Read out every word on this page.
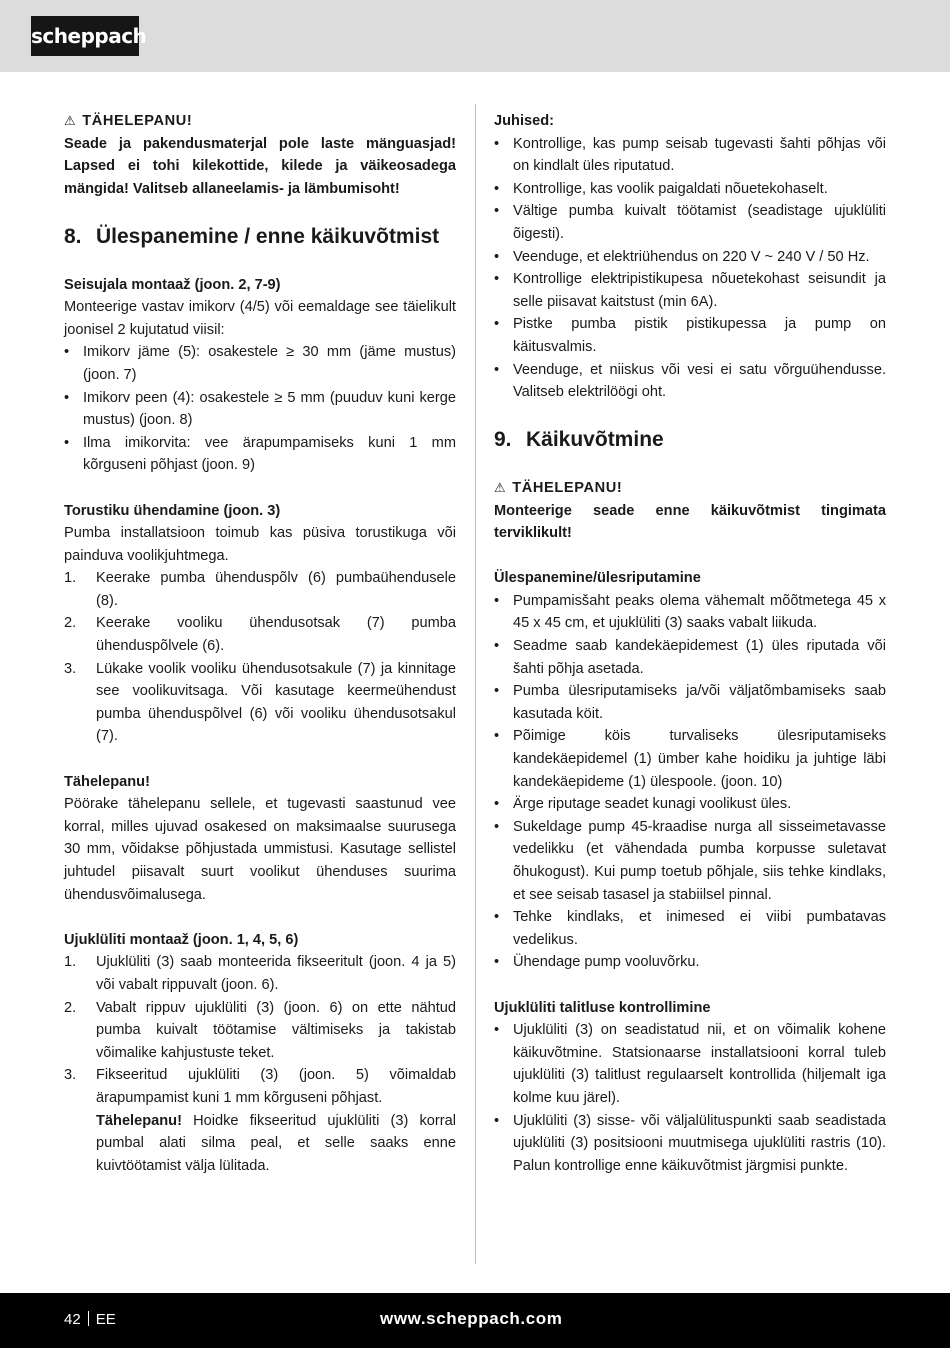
scheppach
⚠ TÄHELEPANU!

Seade ja pakendusmaterjal pole laste mänguasjad! Lapsed ei tohi kilekottide, kilede ja väikeosadega mängida! Valitseb allaneelamis- ja lämbumisoht!

8. Ülespanemine / enne käikuvõtmist
Seisujala montaaž (joon. 2, 7-9)

Monteerige vastav imikorv (4/5) või eemaldage see täielikult joonisel 2 kujutatud viisil:

• Imikorv jäme (5): osakestele ≥ 30 mm (jäme mustus) (joon. 7)
• Imikorv peen (4): osakestele ≥ 5 mm (puuduv kuni kerge mustus) (joon. 8)
• Ilma imikorvita: vee ärapumpamiseks kuni 1 mm kõrguseni põhjast (joon. 9)
Torustiku ühendamine (joon. 3)

Pumba installatsioon toimub kas püsiva torustikuga või painduva voolikjuhtmega.

1. Keerake pumba ühenduspõlv (6) pumbaühendusele (8).
2. Keerake vooliku ühendusotsak (7) pumba ühenduspõlvele (6).
3. Lükake voolik vooliku ühendusotsakule (7) ja kinnitage see voolikuvitsaga. Või kasutage keermeühendust pumba ühenduspõlvel (6) või vooliku ühendusotsakul (7).
Tähelepanu!

Pöörake tähelepanu sellele, et tugevasti saastunud vee korral, milles ujuvad osakesed on maksimaalse suurusega 30 mm, võidakse põhjustada ummistusi. Kasutage sellistel juhtudel piisavalt suurt voolikut ühenduses suurima ühendusvõimalusega.

Ujuklüliti montaaž (joon. 1, 4, 5, 6)
1. Ujuklüliti (3) saab monteerida fikseeritult (joon. 4 ja 5) või vabalt rippuvalt (joon. 6).
2. Vabalt rippuv ujuklüliti (3) (joon. 6) on ette nähtud pumba kuivalt töötamise vältimiseks ja takistab võimalike kahjustuste teket.
3. Fikseeritud ujuklüliti (3) (joon. 5) võimaldab ärapumpamist kuni 1 mm kõrguseni põhjast.
Tähelepanu! Hoidke fikseeritud ujuklüliti (3) korral pumbal alati silma peal, et selle saaks enne kuivtöötamist välja lülitada.
Juhised:
• Kontrollige, kas pump seisab tugevasti šahti põhjas või on kindlalt üles riputatud.
• Kontrollige, kas voolik paigaldati nõuetekohaselt.
• Vältige pumba kuivalt töötamist (seadistage ujuklüliti õigesti).
• Veenduge, et elektriühendus on 220 V ~ 240 V / 50 Hz.
• Kontrollige elektripistikupesa nõuetekohast seisundit ja selle piisavat kaitstust (min 6A).
• Pistke pumba pistik pistikupessa ja pump on käitusvalmis.
• Veenduge, et niiskus või vesi ei satu võrguühendusse. Valitseb elektrilöögi oht.
9. Käikuvõtmine
⚠ TÄHELEPANU!

Monteerige seade enne käikuvõtmist tingimata terviklikult!

Ülespanemine/ülesriputamine
• Pumpamisšaht peaks olema vähemalt mõõtmetega 45 x 45 x 45 cm, et ujuklüliti (3) saaks vabalt liikuda.
• Seadme saab kandekäepidemest (1) üles riputada või šahti põhja asetada.
• Pumba ülesriputamiseks ja/või väljatõmbamiseks saab kasutada köit.
• Põimige köis turvaliseks ülesriputamiseks kandekäepidemel (1) ümber kahe hoidiku ja juhtige läbi kandekäepideme (1) ülespoole. (joon. 10)
• Ärge riputage seadet kunagi voolikust üles.
• Sukeldage pump 45-kraadise nurga all sisseimetavasse vedelikku (et vähendada pumba korpusse suletavat õhukogust). Kui pump toetub põhjale, siis tehke kindlaks, et see seisab tasasel ja stabiilsel pinnal.
• Tehke kindlaks, et inimesed ei viibi pumbatavas vedelikus.
• Ühendage pump vooluvõrku.
Ujuklüliti talitluse kontrollimine
• Ujuklüliti (3) on seadistatud nii, et on võimalik kohene käikuvõtmine. Statsionaarse installatsiooni korral tuleb ujuklüliti (3) talitlust regulaarselt kontrollida (hiljemalt iga kolme kuu järel).
• Ujuklüliti (3) sisse- või väljalülituspunkti saab seadistada ujuklüliti (3) positsiooni muutmisega ujuklüliti rastris (10). Palun kontrollige enne käikuvõtmist järgmisi punkte.
42 EE	www.scheppach.com
